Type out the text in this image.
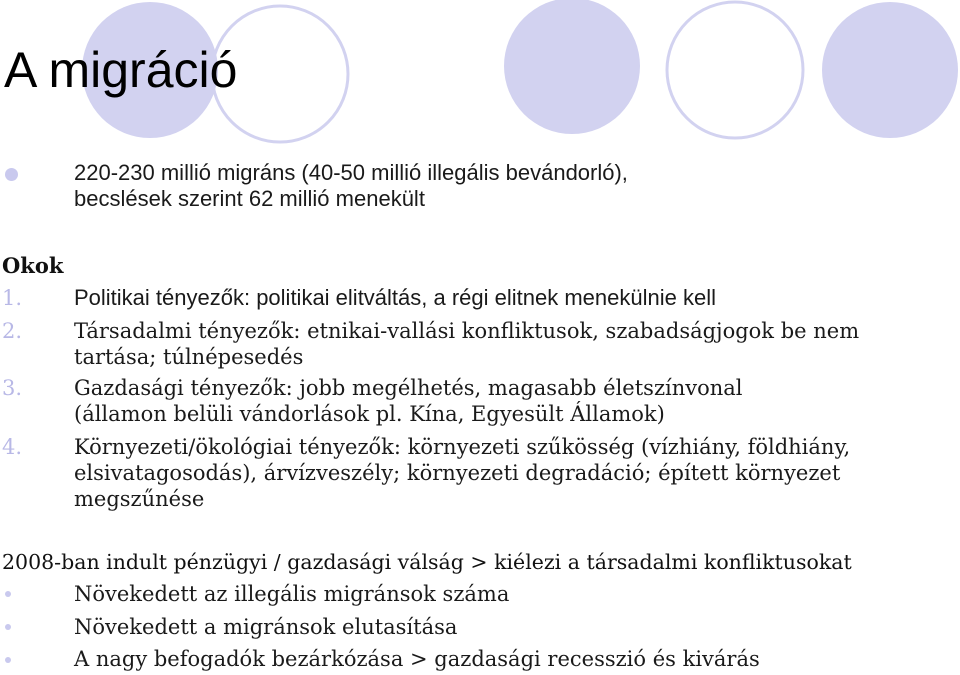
A migráció
220-230 millió migráns (40-50 millió illegális bevándorló),
becslések szerint 62 millió menekült
Okok
1. Politikai tényezők: politikai elitváltás, a régi elitnek menekülnie kell
2. Társadalmi tényezők: etnikai-vallási konfliktusok, szabadságjogok be nem
tartása; túlnépesedés
3. Gazdasági tényezők: jobb megélhetés, magasabb életszínvonal
(államon belüli vándorlások pl. Kína, Egyesült Államok)
4. Környezeti/ökológiai tényezők: környezeti szűkösség (vízhiány, földhiány,
elsivatagosodás), árvízveszély; környezeti degradáció; épített környezet
megszűnése
2008-ban indult pénzügyi / gazdasági válság > kiélezi a társadalmi konfliktusokat
Növekedett az illegális migránsok száma
Növekedett a migránsok elutasítása
A nagy befogadók bezárkózása > gazdasági recesszió és kivárás
